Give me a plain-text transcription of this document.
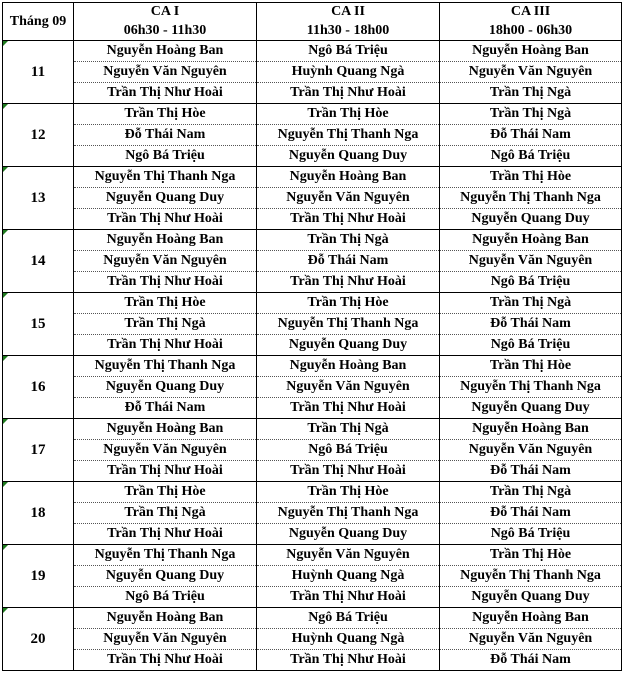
Tháng 09	CA I	CA II	CA III
	06h30 - 11h30	11h30 - 18h00	18h00 - 06h30

11	Nguyễn Hoàng Ban	Ngô Bá Triệu	Nguyễn Hoàng Ban
	Nguyễn Văn Nguyên	Huỳnh Quang Ngà	Nguyễn Văn Nguyên
	Trần Thị Như Hoài	Trần Thị Như Hoài	Trần Thị Ngà

12	Trần Thị Hòe	Trần Thị Hòe	Trần Thị Ngà
	Đỗ Thái Nam	Nguyễn Thị Thanh Nga	Đỗ Thái Nam
	Ngô Bá Triệu	Nguyễn Quang Duy	Ngô Bá Triệu

13	Nguyễn Thị Thanh Nga	Nguyễn Hoàng Ban	Trần Thị Hòe
	Nguyễn Quang Duy	Nguyễn Văn Nguyên	Nguyễn Thị Thanh Nga
	Trần Thị Như Hoài	Trần Thị Như Hoài	Nguyễn Quang Duy

14	Nguyễn Hoàng Ban	Trần Thị Ngà	Nguyễn Hoàng Ban
	Nguyễn Văn Nguyên	Đỗ Thái Nam	Nguyễn Văn Nguyên
	Trần Thị Như Hoài	Trần Thị Như Hoài	Ngô Bá Triệu

15	Trần Thị Hòe	Trần Thị Hòe	Trần Thị Ngà
	Trần Thị Ngà	Nguyễn Thị Thanh Nga	Đỗ Thái Nam
	Trần Thị Như Hoài	Nguyễn Quang Duy	Ngô Bá Triệu

16	Nguyễn Thị Thanh Nga	Nguyễn Hoàng Ban	Trần Thị Hòe
	Nguyễn Quang Duy	Nguyễn Văn Nguyên	Nguyễn Thị Thanh Nga
	Đỗ Thái Nam	Trần Thị Như Hoài	Nguyễn Quang Duy

17	Nguyễn Hoàng Ban	Trần Thị Ngà	Nguyễn Hoàng Ban
	Nguyễn Văn Nguyên	Ngô Bá Triệu	Nguyễn Văn Nguyên
	Trần Thị Như Hoài	Trần Thị Như Hoài	Đỗ Thái Nam

18	Trần Thị Hòe	Trần Thị Hòe	Trần Thị Ngà
	Trần Thị Ngà	Nguyễn Thị Thanh Nga	Đỗ Thái Nam
	Trần Thị Như Hoài	Nguyễn Quang Duy	Ngô Bá Triệu

19	Nguyễn Thị Thanh Nga	Nguyễn Văn Nguyên	Trần Thị Hòe
	Nguyễn Quang Duy	Huỳnh Quang Ngà	Nguyễn Thị Thanh Nga
	Ngô Bá Triệu	Trần Thị Như Hoài	Nguyễn Quang Duy

20	Nguyễn Hoàng Ban	Ngô Bá Triệu	Nguyễn Hoàng Ban
	Nguyễn Văn Nguyên	Huỳnh Quang Ngà	Nguyễn Văn Nguyên
	Trần Thị Như Hoài	Trần Thị Như Hoài	Đỗ Thái Nam
